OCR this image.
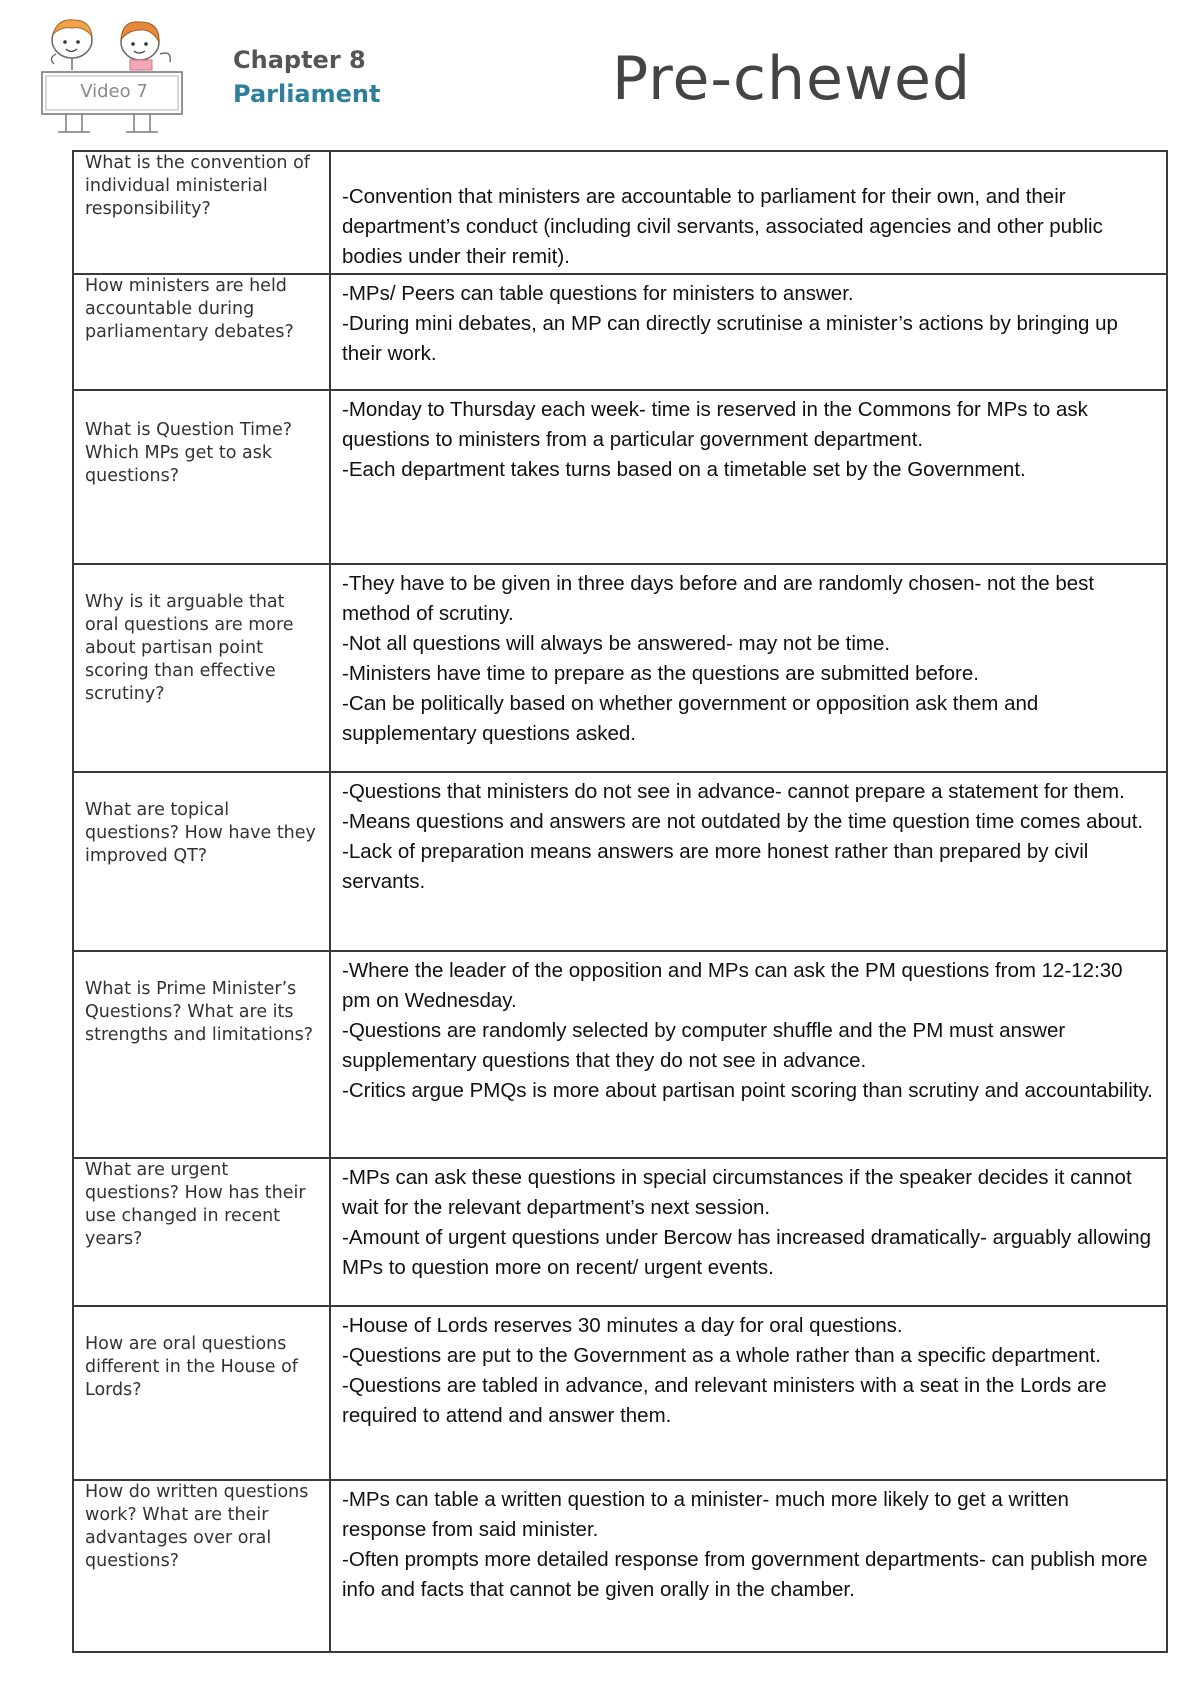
Video 7
Chapter 8
Parliament	Pre-chewed
What is the convention of individual ministerial responsibility?	-Convention that ministers are accountable to parliament for their own, and their department’s conduct (including civil servants, associated agencies and other public bodies under their remit).

How ministers are held accountable during parliamentary debates?	-MPs/ Peers can table questions for ministers to answer.
-During mini debates, an MP can directly scrutinise a minister’s actions by bringing up their work.

What is Question Time? Which MPs get to ask questions?	-Monday to Thursday each week- time is reserved in the Commons for MPs to ask questions to ministers from a particular government department.
-Each department takes turns based on a timetable set by the Government.

Why is it arguable that oral questions are more about partisan point scoring than effective scrutiny?	-They have to be given in three days before and are randomly chosen- not the best method of scrutiny.
-Not all questions will always be answered- may not be time.
-Ministers have time to prepare as the questions are submitted before.
-Can be politically based on whether government or opposition ask them and supplementary questions asked.

What are topical questions? How have they improved QT?	-Questions that ministers do not see in advance- cannot prepare a statement for them.
-Means questions and answers are not outdated by the time question time comes about.
-Lack of preparation means answers are more honest rather than prepared by civil servants.

What is Prime Minister’s Questions? What are its strengths and limitations?	-Where the leader of the opposition and MPs can ask the PM questions from 12-12:30 pm on Wednesday.
-Questions are randomly selected by computer shuffle and the PM must answer supplementary questions that they do not see in advance.
-Critics argue PMQs is more about partisan point scoring than scrutiny and accountability.

What are urgent questions? How has their use changed in recent years?	-MPs can ask these questions in special circumstances if the speaker decides it cannot wait for the relevant department’s next session.
-Amount of urgent questions under Bercow has increased dramatically- arguably allowing MPs to question more on recent/ urgent events.

How are oral questions different in the House of Lords?	-House of Lords reserves 30 minutes a day for oral questions.
-Questions are put to the Government as a whole rather than a specific department.
-Questions are tabled in advance, and relevant ministers with a seat in the Lords are required to attend and answer them.

How do written questions work? What are their advantages over oral questions?	-MPs can table a written question to a minister- much more likely to get a written response from said minister.
-Often prompts more detailed response from government departments- can publish more info and facts that cannot be given orally in the chamber.
